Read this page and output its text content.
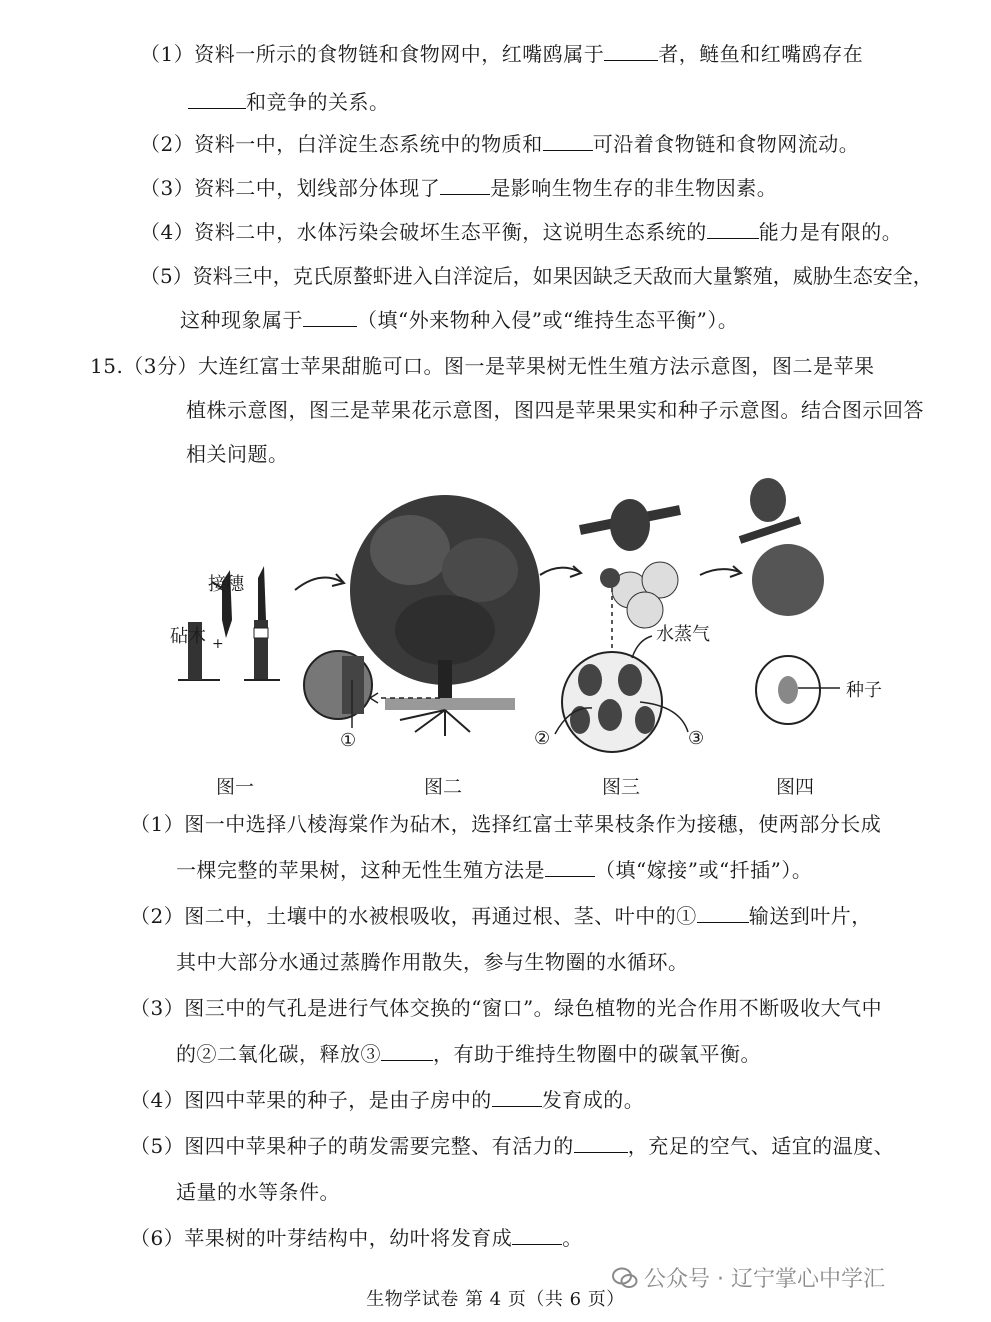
（1）资料一所示的食物链和食物网中，红嘴鸥属于	者，鲢鱼和红嘴鸥存在
和竞争的关系。
（2）资料一中，白洋淀生态系统中的物质和	可沿着食物链和食物网流动。
（3）资料二中，划线部分体现了	是影响生物生存的非生物因素。
（4）资料二中，水体污染会破坏生态平衡，这说明生态系统的	能力是有限的。
（5）资料三中，克氏原螯虾进入白洋淀后，如果因缺乏天敌而大量繁殖，威胁生态安全，
这种现象属于	（填“外来物种入侵”或“维持生态平衡”）。
15.（3分）大连红富士苹果甜脆可口。图一是苹果树无性生殖方法示意图，图二是苹果
植株示意图，图三是苹果花示意图，图四是苹果果实和种子示意图。结合图示回答
相关问题。
接穗
砧木 +	水蒸气
种子
①	②	③
图一	图二	图三	图四
（1）图一中选择八棱海棠作为砧木，选择红富士苹果枝条作为接穗，使两部分长成
一棵完整的苹果树，这种无性生殖方法是	（填“嫁接”或“扦插”）。
（2）图二中，土壤中的水被根吸收，再通过根、茎、叶中的①	输送到叶片，
其中大部分水通过蒸腾作用散失，参与生物圈的水循环。
（3）图三中的气孔是进行气体交换的“窗口”。绿色植物的光合作用不断吸收大气中
的②二氧化碳，释放③	，有助于维持生物圈中的碳氧平衡。
（4）图四中苹果的种子，是由子房中的	发育成的。
（5）图四中苹果种子的萌发需要完整、有活力的	，充足的空气、适宜的温度、
适量的水等条件。
（6）苹果树的叶芽结构中，幼叶将发育成	。
公众号 · 辽宁掌心中学汇
生物学试卷 第 4 页（共 6 页）
